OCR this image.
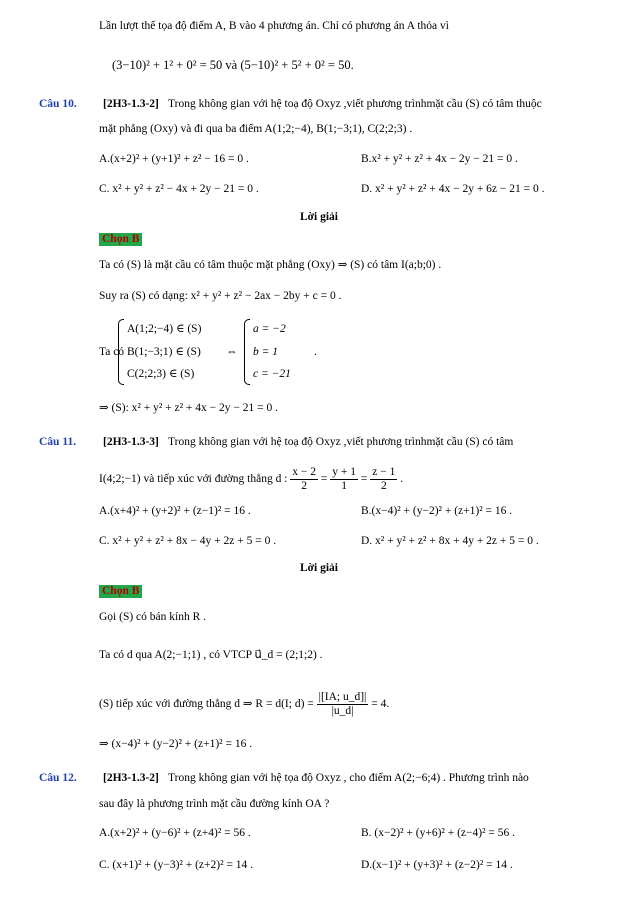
Lần lượt thế tọa độ điểm A, B vào 4 phương án. Chỉ có phương án A thỏa vì
(3−10)² + 1² + 0² = 50 và (5−10)² + 5² + 0² = 50.
Câu 10. [2H3-1.3-2] Trong không gian với hệ toạ độ Oxyz ,viết phương trìnhmặt cầu (S) có tâm thuộc
mặt phẳng (Oxy) và đi qua ba điểm A(1;2;−4), B(1;−3;1), C(2;2;3) .
A.(x+2)² + (y+1)² + z² − 16 = 0 .	B.x² + y² + z² + 4x − 2y − 21 = 0 .
C. x² + y² + z² − 4x + 2y − 21 = 0 .	D. x² + y² + z² + 4x − 2y + 6z − 21 = 0 .
Lời giải
Chọn B
Ta có (S) là mặt cầu có tâm thuộc mặt phẳng (Oxy) ⇒ (S) có tâm I(a;b;0) .
Suy ra (S) có dạng: x² + y² + z² − 2ax − 2by + c = 0 .
Ta có
A(1;2;−4) ∈ (S)
B(1;−3;1) ∈ (S)
C(2;2;3) ∈ (S)
⇔
a = −2
b = 1
c = −21
.
⇒ (S): x² + y² + z² + 4x − 2y − 21 = 0 .
Câu 11. [2H3-1.3-3] Trong không gian với hệ toạ độ Oxyz ,viết phương trìnhmặt cầu (S) có tâm
I(4;2;−1) và tiếp xúc với đường thẳng d : $\frac{x - 2}{2} = \frac{y + 1}{1} = \frac{z - 1}{2}$ .
A.(x+4)² + (y+2)² + (z−1)² = 16 .	B.(x−4)² + (y−2)² + (z+1)² = 16 .
C. x² + y² + z² + 8x − 4y + 2z + 5 = 0 .	D. x² + y² + z² + 8x + 4y + 2z + 5 = 0 .
Lời giải
Chọn B
Gọi (S) có bán kính R .
Ta có d qua A(2;−1;1) , có VTCP u⃗_d = (2;1;2) .
(S) tiếp xúc với đường thẳng d ⇒ R = d(I; $d) = \frac{|[IA; u\_d]|}{|u\_d|} = 4$.
⇒ (x−4)² + (y−2)² + (z+1)² = 16 .
Câu 12. [2H3-1.3-2] Trong không gian với hệ tọa độ Oxyz , cho điểm A(2;−6;4) . Phương trình nào
sau đây là phương trình mặt cầu đường kính OA ?
A.(x+2)² + (y−6)² + (z+4)² = 56 .	B. (x−2)² + (y+6)² + (z−4)² = 56 .
C. (x+1)² + (y−3)² + (z+2)² = 14 .	D.(x−1)² + (y+3)² + (z−2)² = 14 .
